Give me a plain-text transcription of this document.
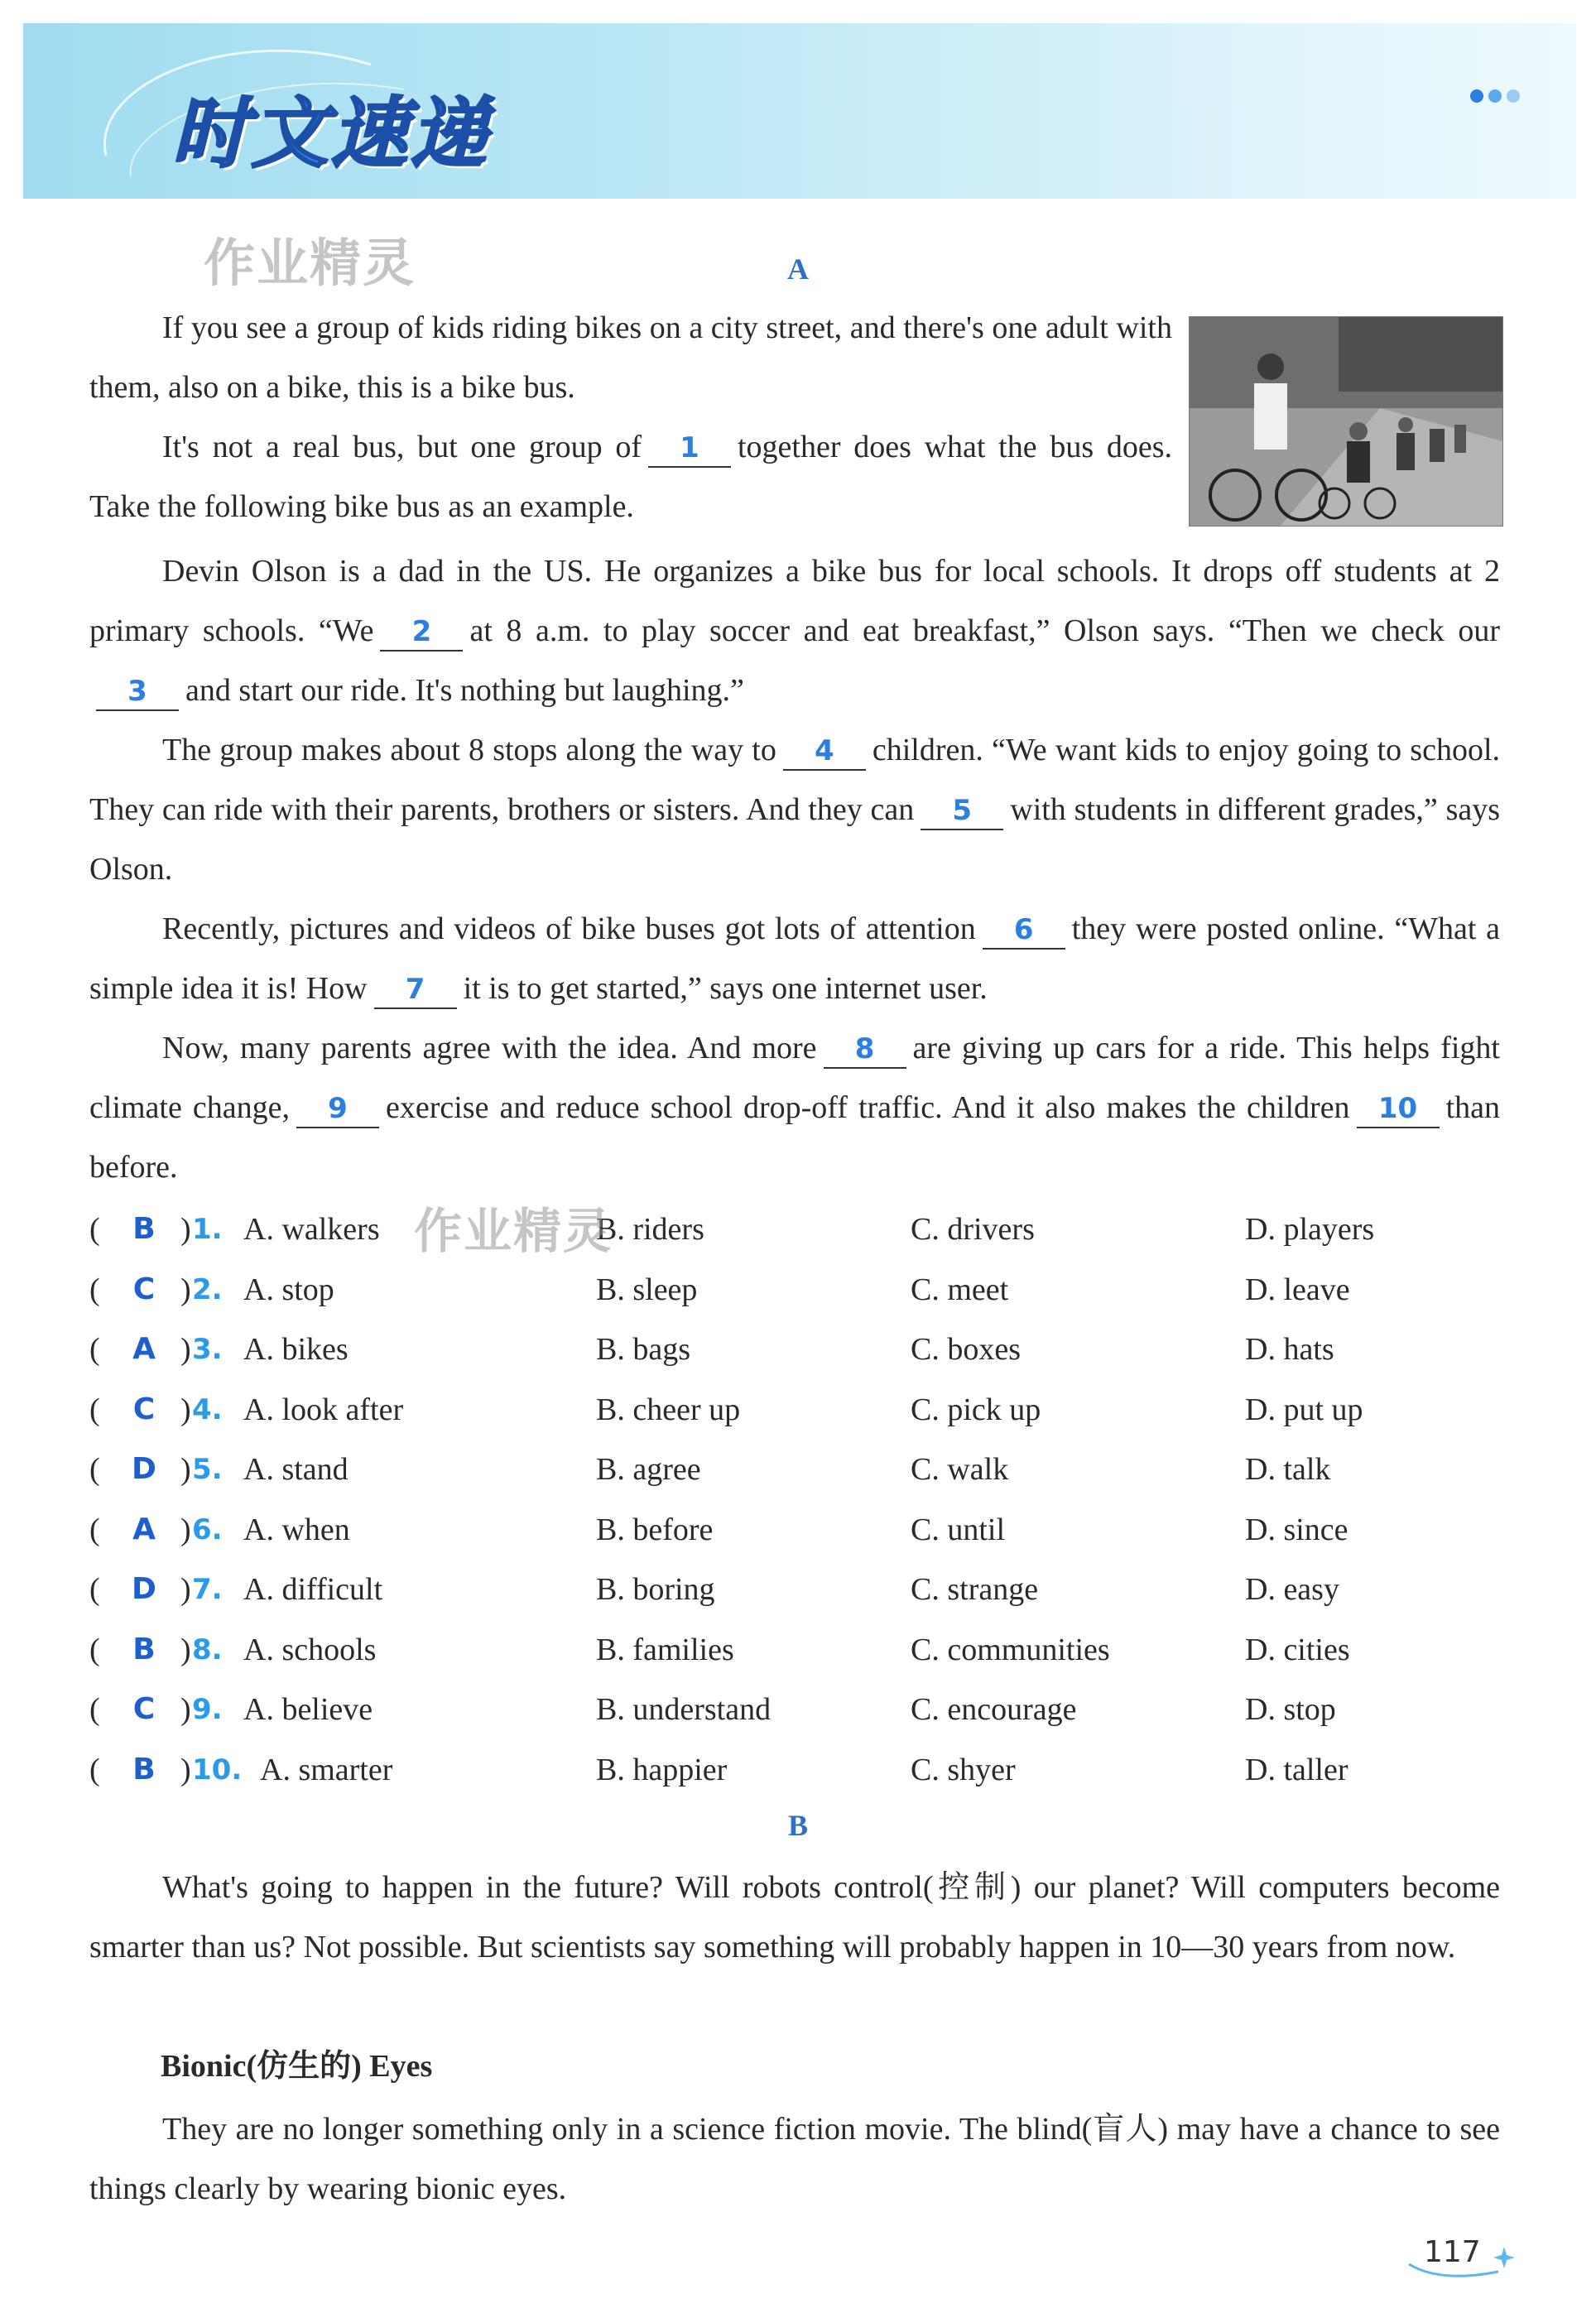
时文速递
作业精灵	A

If you see a group of kids riding bikes on a city street, and there's one adult with them, also on a bike, this is a bike bus.

It's not a real bus, but one group of 1 together does what the bus does. Take the following bike bus as an example.

Devin Olson is a dad in the US. He organizes a bike bus for local schools. It drops off students at 2 primary schools. “We 2 at 8 a.m. to play soccer and eat breakfast,” Olson says. “Then we check our3 and start our ride. It's nothing but laughing.”

The group makes about 8 stops along the way to 4 children. “We want kids to enjoy going to school. They can ride with their parents, brothers or sisters. And they can 5 with students in different grades,” says Olson.

Recently, pictures and videos of bike buses got lots of attention 6 they were posted online. “What a simple idea it is! How 7 it is to get started,” says one internet user.

Now, many parents agree with the idea. And more 8 are giving up cars for a ride. This helps fight climate change, 9 exercise and reduce school drop-off traffic. And it also makes the children 10 than before.

( B ) 1. A. walkers	B. riders	C. drivers	D. players
( C ) 2. A. stop	B. sleep	C. meet	D. leave
( A ) 3. A. bikes	B. bags	C. boxes	D. hats
( C ) 4. A. look after	B. cheer up	C. pick up	D. put up
( D ) 5. A. stand	B. agree	C. walk	D. talk
( A ) 6. A. when	B. before	C. until	D. since
( D ) 7. A. difficult	B. boring	C. strange	D. easy
( B ) 8. A. schools	B. families	C. communities	D. cities
( C ) 9. A. believe	B. understand	C. encourage	D. stop
( B ) 10. A. smarter	B. happier	C. shyer	D. taller
作业精灵
B

What's going to happen in the future? Will robots control(控制) our planet? Will computers become smarter than us? Not possible. But scientists say something will probably happen in 10—30 years from now.

Bionic(仿生的) Eyes

They are no longer something only in a science fiction movie. The blind(盲人) may have a chance to see things clearly by wearing bionic eyes.

117
